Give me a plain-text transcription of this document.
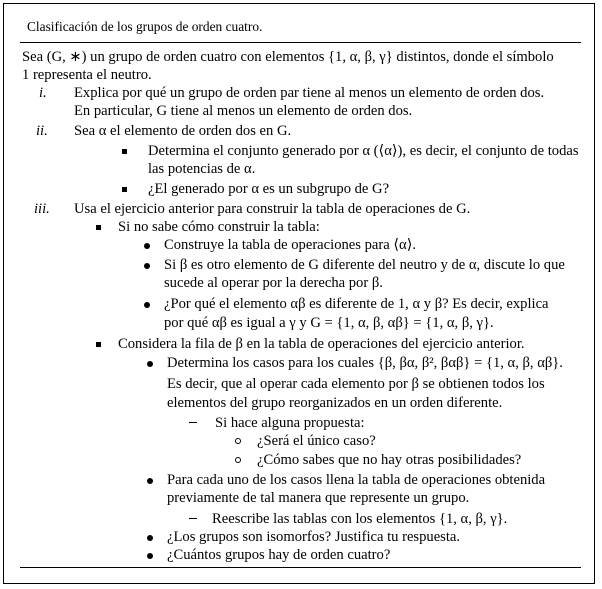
Clasificación de los grupos de orden cuatro.
Sea (G, ∗) un grupo de orden cuatro con elementos {1, α, β, γ} distintos, donde el símbolo
1 representa el neutro.
i. Explica por qué un grupo de orden par tiene al menos un elemento de orden dos.
En particular, G tiene al menos un elemento de orden dos.
ii. Sea α el elemento de orden dos en G.
Determina el conjunto generado por α (⟨α⟩), es decir, el conjunto de todas
las potencias de α.
¿El generado por α es un subgrupo de G?
iii. Usa el ejercicio anterior para construir la tabla de operaciones de G.
Si no sabe cómo construir la tabla:
Construye la tabla de operaciones para ⟨α⟩.
Si β es otro elemento de G diferente del neutro y de α, discute lo que
sucede al operar por la derecha por β.
¿Por qué el elemento αβ es diferente de 1, α y β? Es decir, explica
por qué αβ es igual a γ y G = {1, α, β, αβ} = {1, α, β, γ}.
Considera la fila de β en la tabla de operaciones del ejercicio anterior.
Determina los casos para los cuales {β, βα, β², βαβ} = {1, α, β, αβ}.
Es decir, que al operar cada elemento por β se obtienen todos los
elementos del grupo reorganizados en un orden diferente.
Si hace alguna propuesta:
¿Será el único caso?
¿Cómo sabes que no hay otras posibilidades?
Para cada uno de los casos llena la tabla de operaciones obtenida
previamente de tal manera que represente un grupo.
Reescribe las tablas con los elementos {1, α, β, γ}.
¿Los grupos son isomorfos? Justifica tu respuesta.
¿Cuántos grupos hay de orden cuatro?
